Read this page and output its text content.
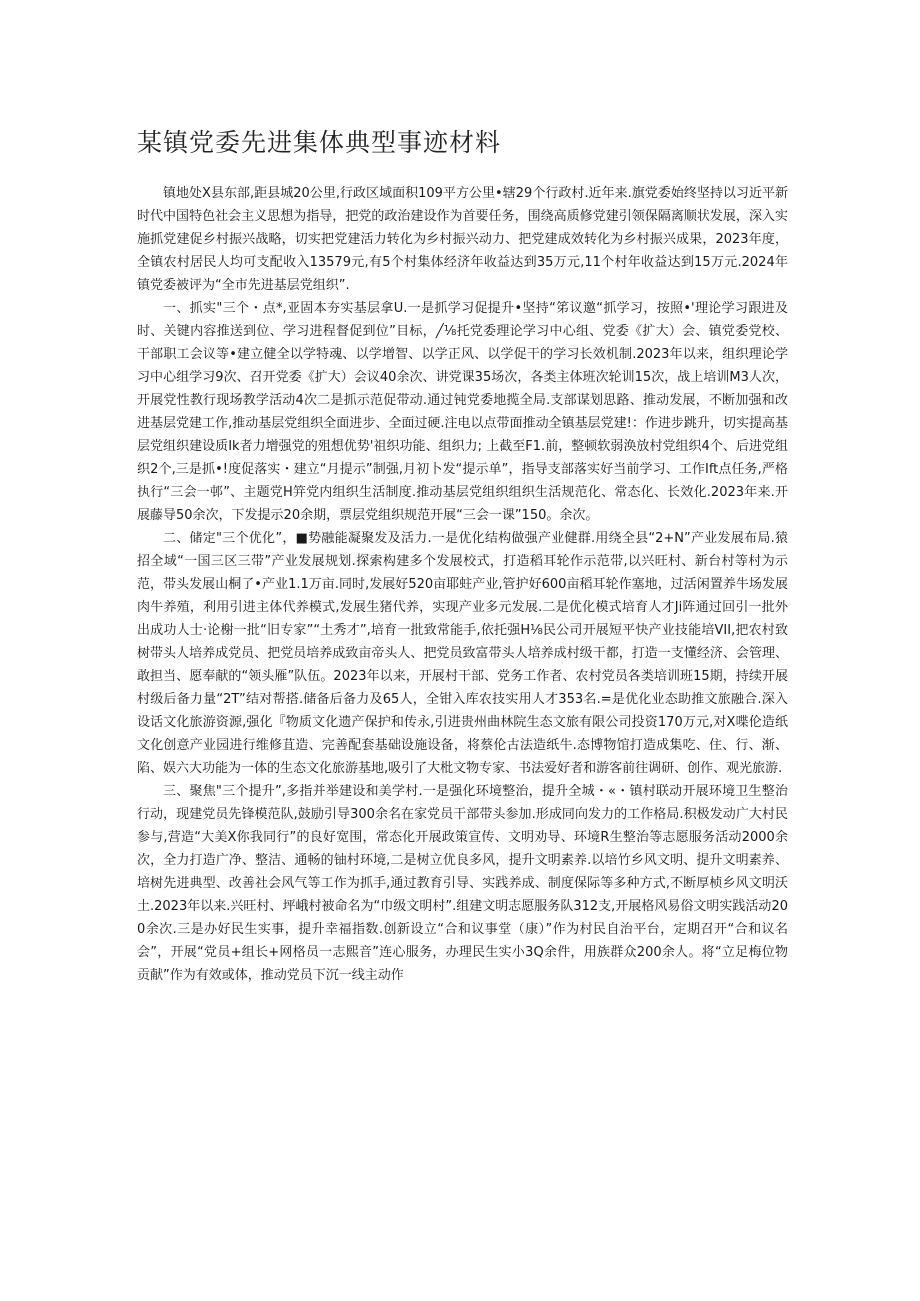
某镇党委先进集体典型事迹材料

镇地处X县东部,距县城20公里,行政区域面积109平方公里•辖29个行政村.近年来.旗党委始终坚持以习近平新时代中国特色社会主义思想为指导，把党的政治建设作为首要任务，围绕高质修党建引领保隔离顺状发展，深入实施抓党建促乡村振兴战略，切实把党建活力转化为乡村振兴动力、把党建成效转化为乡村振兴成果，2023年度，全镇农村居民人均可支配收入13579元,有5个村集体经济年收益达到35万元,11个村年收益达到15万元.2024年镇党委被评为“全市先进基层党组织”.

一、抓实"三个・点*,亚固本夯实基层拿U.一是抓学习促提升•坚持“笫议邀“抓学习，按照•'理论学习跟进及时、关键内容推送到位、学习进程督促到位”目标，╱⅛托党委理论学习中心组、党委《扩大）会、镇党委党校、干部职工会议等•建立健全以学特魂、以学增智、以学正风、以学促干的学习长效机制.2023年以来，组织理论学习中心组学习9次、召开党委《扩大）会议40余次、讲党课35场次，各类主体班次轮训15次，战上培训M3人次，开展党性教行现场教学活动4次二是抓示范促带动.通过钝党委地揽全局.支部谋划思路、推动发展，不断加强和改进基层党建工作,推动基层党组织全面进步、全面过硬.注电以点带面推动全镇基层党建!：作进步跳升，切实提高基层党组织建设质Ik者力增强党的殂想优势'祖织功能、组织力; 上截至F1.前，整顿软弱涣放村党组织4个、后进党组织2个,三是抓•!度促落实・建立“月提示”制强,月初卜发“提示单”，指导支部落实好当前学习、工作Ift点任务,严格执行“三会一邨”、主题党H笄党内组织生活制度.推动基层党组织组织生活规范化、常态化、长效化.2023年来.开展藤导50余次，下发提示20余期，票层党组织规范开展“三会一课”150。余次。

二、储定"三个优化”，■势融能凝聚发及活力.一是优化结构做强产业健群.用绕全县“2+N”产业发展布局.猿招全域“一国三区三带”产业发展规划.探索构建多个发展校式，打造稻耳轮作示范带,以兴旺村、新台村等村为示范，带头发展山桐了•产业1.1万亩.同时,发展好520亩耶蛀产业,管护好600亩稻耳轮作塞地，过活闲置养牛场发展肉牛养殖，利用引进主体代养模式,发展生猪代养，实现产业多元发展.二是优化模式培育人才Ji阵通过回引一批外出成功人士·论榭一批“旧专家”“土秀才”,培育一批致常能手,依托强H⅛民公司开展短平快产业技能培VII,把农村致树带头人培养成党员、把党员培养成致亩帝头人、把党员致富带头人培养成村级干都，打造一支懂经济、会管理、敢担当、愿奉献的“领头雁”队伍。2023年以来，开展村干部、党务工作者、农村党员各类培训班15期，持续开展村级后备力量“2T”结对帮搭.储备后备力及65人，全钳入库农技实用人才353名.=是优化业态助推文旅融合.深入设话文化旅游资源,强化『物质文化遗产保护和传永,引进贵州曲林院生态文旅有限公司投资170万元,对X喋伦造纸文化创意产业园进行维修苴造、完善配套基础设施设备，将蔡伦古法造纸牛.态博物馆打造成集吃、住、行、渐、陷、娱六大功能为一体的生态文化旅游基地,吸引了大枇文物专家、书法爱好者和游客前往调研、创作、观光旅游.

三、聚焦"三个提升”,多指并举建设和美学村.一是强化环境整治，提升全城・«・镇村联动开展环境卫生整治行动，现建党员先锋模范队,鼓励引导300余名在家党员干部带头参加.形成同向发力的工作格局.积极发动广大村民参与,营造“大美X你我同行”的良好宽围，常态化开展政策宣传、文明劝导、环境R生整治等志愿服务活动2000余次，全力打造广净、整洁、通畅的铀村环境,二是树立优良多风，提升文明素养.以培竹乡风文明、提升文明素养、培树先进典型、改善社会风气等工作为抓手,通过教育引导、实践养成、制度保际等多种方式,不断厚桢乡风文明沃土.2023年以来.兴旺村、坪峨村被命名为“巾级文明村”.组建文明志愿服务队312支,开展格风易俗文明实践活动200余次.三是办好民生实事，提升幸福指数.创新设立“合和议事堂（康）”作为村民自治平台，定期召开“合和议名会”，开展“党员+组长+网格员一志熙音”连心服务，办理民生实小3Q余件，用族群众200余人。将“立足梅位物贡献”作为有效或体，推动党员下沉一线主动作
